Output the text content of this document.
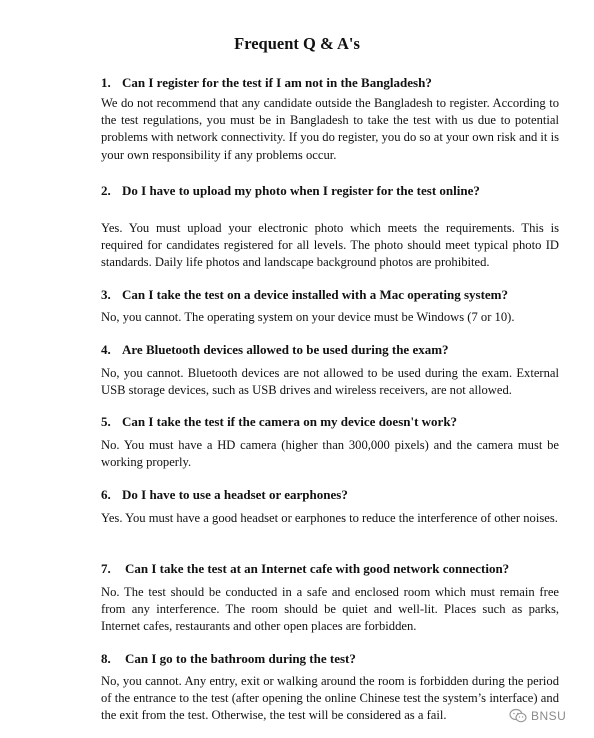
Frequent Q & A's
1. Can I register for the test if I am not in the Bangladesh?
We do not recommend that any candidate outside the Bangladesh to register. According to the test regulations, you must be in Bangladesh to take the test with us due to potential problems with network connectivity. If you do register, you do so at your own risk and it is your own responsibility if any problems occur.
2. Do I have to upload my photo when I register for the test online?
Yes. You must upload your electronic photo which meets the requirements. This is required for candidates registered for all levels. The photo should meet typical photo ID standards. Daily life photos and landscape background photos are prohibited.
3. Can I take the test on a device installed with a Mac operating system?
No, you cannot. The operating system on your device must be Windows (7 or 10).
4. Are Bluetooth devices allowed to be used during the exam?
No, you cannot. Bluetooth devices are not allowed to be used during the exam. External USB storage devices, such as USB drives and wireless receivers, are not allowed.
5. Can I take the test if the camera on my device doesn't work?
No. You must have a HD camera (higher than 300,000 pixels) and the camera must be working properly.
6. Do I have to use a headset or earphones?
Yes. You must have a good headset or earphones to reduce the interference of other noises.
7. Can I take the test at an Internet cafe with good network connection?
No. The test should be conducted in a safe and enclosed room which must remain free from any interference. The room should be quiet and well-lit. Places such as parks, Internet cafes, restaurants and other open places are forbidden.
8. Can I go to the bathroom during the test?
No, you cannot. Any entry, exit or walking around the room is forbidden during the period of the entrance to the test (after opening the online Chinese test the system’s interface) and the exit from the test. Otherwise, the test will be considered as a fail.	BNSU
